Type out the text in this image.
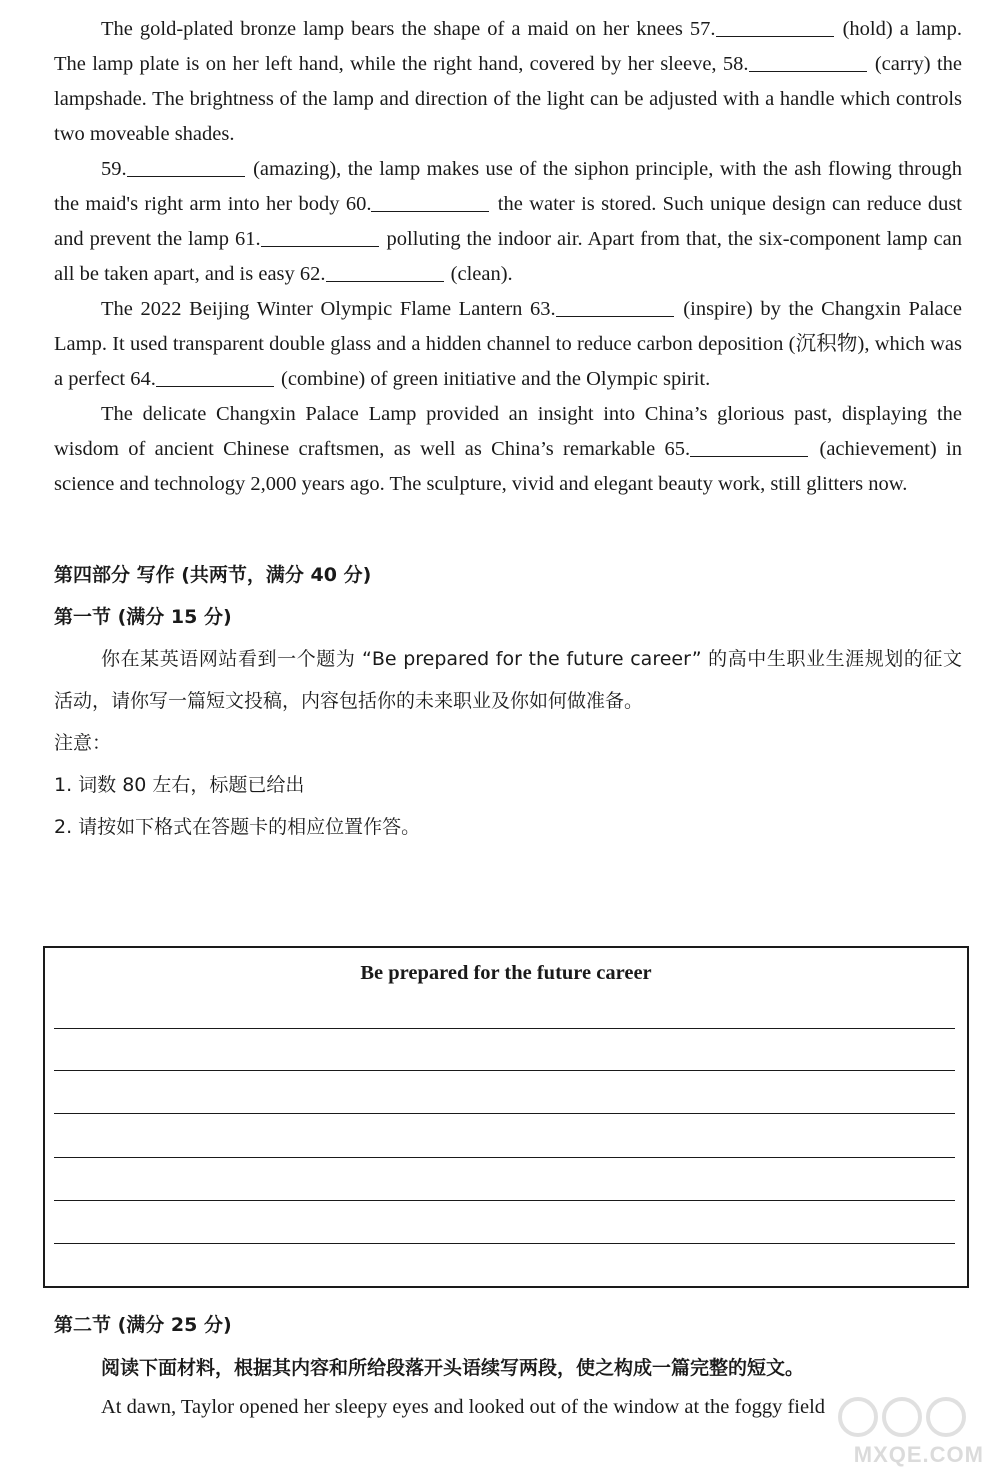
The gold-plated bronze lamp bears the shape of a maid on her knees 57.	(hold) a lamp. The lamp plate is on her left hand, while the right hand, covered by her sleeve, 58.	(carry) the lampshade. The brightness of the lamp and direction of the light can be adjusted with a handle which controls two moveable shades.

59.	(amazing), the lamp makes use of the siphon principle, with the ash flowing through the maid's right arm into her body 60.	the water is stored. Such unique design can reduce dust and prevent the lamp 61.	polluting the indoor air. Apart from that, the six-component lamp can all be taken apart, and is easy 62.	(clean).

The 2022 Beijing Winter Olympic Flame Lantern 63.	(inspire) by the Changxin Palace Lamp. It used transparent double glass and a hidden channel to reduce carbon deposition (沉积物), which was a perfect 64.	(combine) of green initiative and the Olympic spirit.

The delicate Changxin Palace Lamp provided an insight into China’s glorious past, displaying the wisdom of ancient Chinese craftsmen, as well as China’s remarkable 65.	(achievement) in science and technology 2,000 years ago. The sculpture, vivid and elegant beauty work, still glitters now.

第四部分 写作 (共两节，满分 40 分)

第一节 (满分 15 分)

你在某英语网站看到一个题为 “Be prepared for the future career” 的高中生职业生涯规划的征文活动，请你写一篇短文投稿，内容包括你的未来职业及你如何做准备。

注意：

1. 词数 80 左右，标题已给出

2. 请按如下格式在答题卡的相应位置作答。

Be prepared for the future career

第二节 (满分 25 分)

阅读下面材料，根据其内容和所给段落开头语续写两段，使之构成一篇完整的短文。

At dawn, Taylor opened her sleepy eyes and looked out of the window at the foggy field

MXQE.COM
